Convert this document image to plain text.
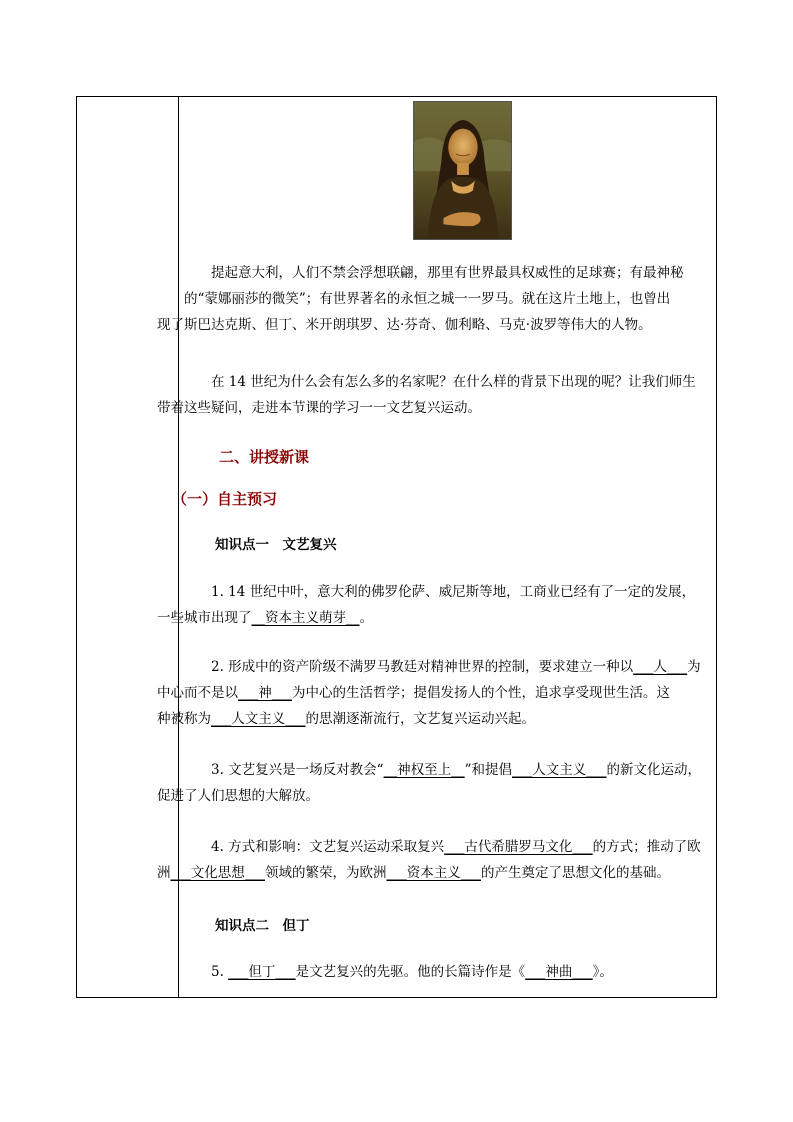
提起意大利，人们不禁会浮想联翩，那里有世界最具权威性的足球赛；有最神秘
的“蒙娜丽莎的微笑”；有世界著名的永恒之城一一罗马。就在这片土地上，也曾出
现了斯巴达克斯、但丁、米开朗琪罗、达·芬奇、伽利略、马克·波罗等伟大的人物。

在 14 世纪为什么会有怎么多的名家呢？在什么样的背景下出现的呢？让我们师生
带着这些疑问，走进本节课的学习一一文艺复兴运动。

二、讲授新课

（一）自主预习

知识点一　文艺复兴

1. 14 世纪中叶，意大利的佛罗伦萨、威尼斯等地，工商业已经有了一定的发展，
一些城市出现了__资本主义萌芽__。

2. 形成中的资产阶级不满罗马教廷对精神世界的控制，要求建立一种以___人___为
中心而不是以___神___为中心的生活哲学；提倡发扬人的个性，追求享受现世生活。这
种被称为___人文主义___的思潮逐渐流行，文艺复兴运动兴起。

3. 文艺复兴是一场反对教会“__神权至上__”和提倡___人文主义___的新文化运动，
促进了人们思想的大解放。

4. 方式和影响：文艺复兴运动采取复兴___古代希腊罗马文化___的方式；推动了欧
洲___文化思想___领域的繁荣，为欧洲___资本主义___的产生奠定了思想文化的基础。

知识点二　但丁

5. ___但丁___是文艺复兴的先驱。他的长篇诗作是《___神曲___》。
